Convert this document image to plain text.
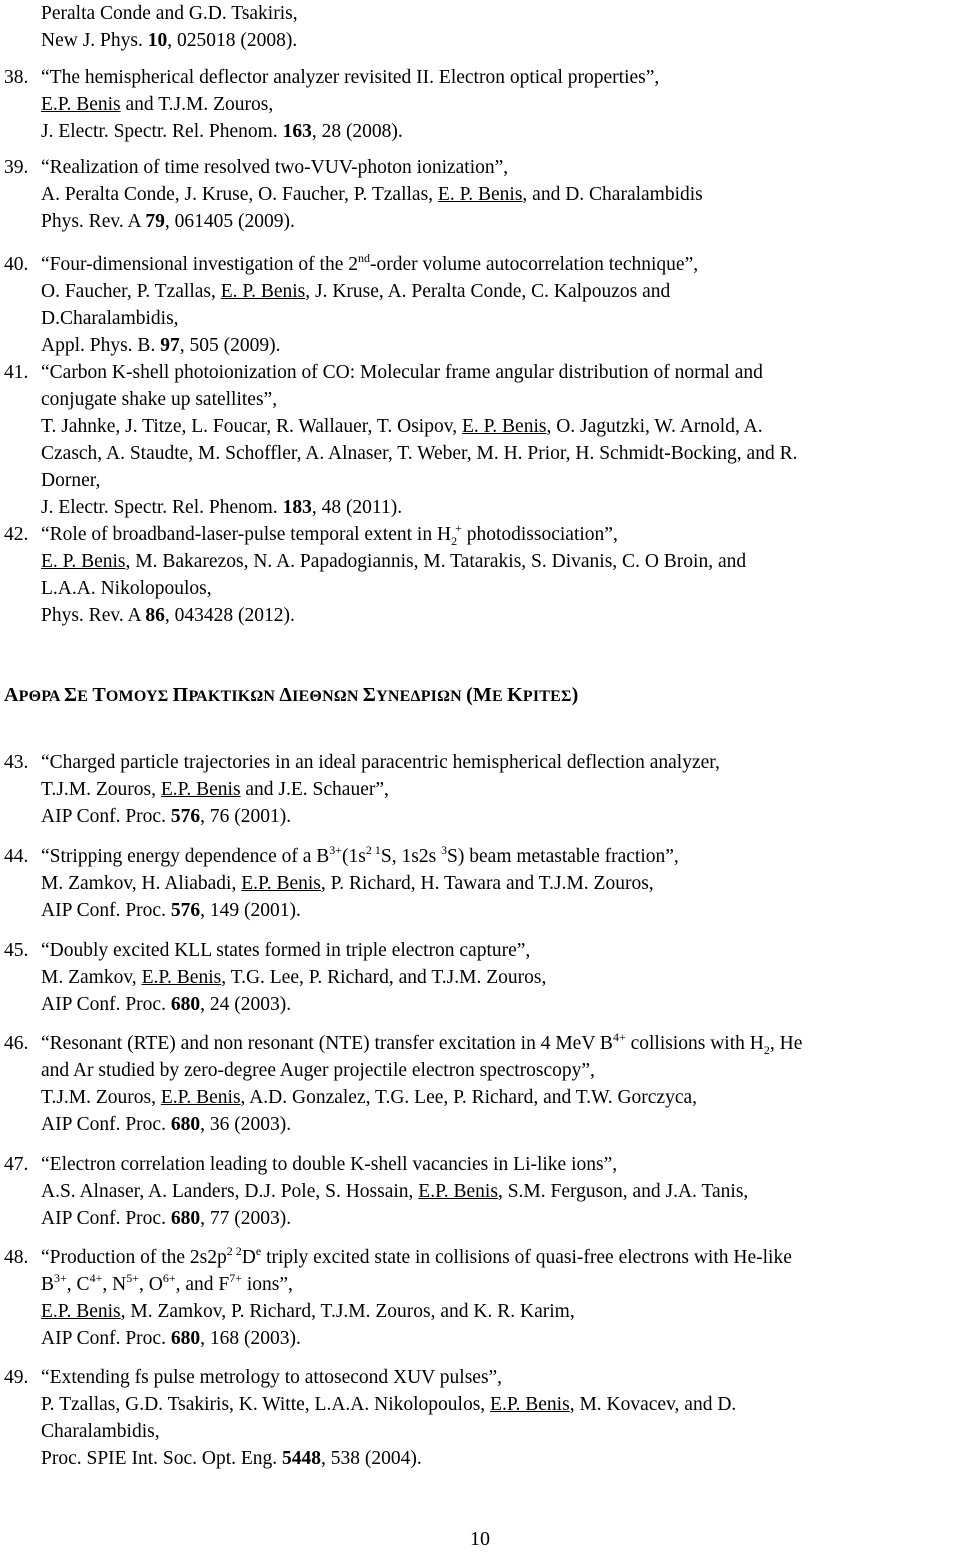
Peralta Conde and G.D. Tsakiris,
New J. Phys. 10, 025018 (2008).
38. “The hemispherical deflector analyzer revisited II. Electron optical properties”,
E.P. Benis and T.J.M. Zouros,
J. Electr. Spectr. Rel. Phenom. 163, 28 (2008).
39. “Realization of time resolved two-VUV-photon ionization”,
A. Peralta Conde, J. Kruse, O. Faucher, P. Tzallas, E. P. Benis, and D. Charalambidis
Phys. Rev. A 79, 061405 (2009).
40. “Four-dimensional investigation of the 2nd-order volume autocorrelation technique”,
O. Faucher, P. Tzallas, E. P. Benis, J. Kruse, A. Peralta Conde, C. Kalpouzos and
D.Charalambidis,
Appl. Phys. B. 97, 505 (2009).
41. “Carbon K-shell photoionization of CO: Molecular frame angular distribution of normal and
conjugate shake up satellites”,
T. Jahnke, J. Titze, L. Foucar, R. Wallauer, T. Osipov, E. P. Benis, O. Jagutzki, W. Arnold, A.
Czasch, A. Staudte, M. Schoffler, A. Alnaser, T. Weber, M. H. Prior, H. Schmidt-Bocking, and R.
Dorner,
J. Electr. Spectr. Rel. Phenom. 183, 48 (2011).
42. “Role of broadband-laser-pulse temporal extent in $H_2^+$ photodissociation”,
E. P. Benis, M. Bakarezos, N. A. Papadogiannis, M. Tatarakis, S. Divanis, C. O Broin, and
L.A.A. Nikolopoulos,
Phys. Rev. A 86, 043428 (2012).
ΑΡΘΡΑ ΣΕ ΤΟΜΟΥΣ ΠΡΑΚΤΙΚΩΝ ΔΙΕΘΝΩΝ ΣΥΝΕΔΡΙΩΝ (ΜΕ ΚΡΙΤΕΣ)
43. “Charged particle trajectories in an ideal paracentric hemispherical deflection analyzer,
T.J.M. Zouros, E.P. Benis and J.E. Schauer”,
AIP Conf. Proc. 576, 76 (2001).
44. “Stripping energy dependence of a $B^{3+}(1s^{2 1}S$, 1s2s $^3$S) beam metastable fraction”,
M. Zamkov, H. Aliabadi, E.P. Benis, P. Richard, H. Tawara and T.J.M. Zouros,
AIP Conf. Proc. 576, 149 (2001).
45. “Doubly excited KLL states formed in triple electron capture”,
M. Zamkov, E.P. Benis, T.G. Lee, P. Richard, and T.J.M. Zouros,
AIP Conf. Proc. 680, 24 (2003).
46. “Resonant (RTE) and non resonant (NTE) transfer excitation in 4 MeV $B^{4+}$ collisions with $H_2$, He
and Ar studied by zero-degree Auger projectile electron spectroscopy”,
T.J.M. Zouros, E.P. Benis, A.D. Gonzalez, T.G. Lee, P. Richard, and T.W. Gorczyca,
AIP Conf. Proc. 680, 36 (2003).
47. “Electron correlation leading to double K-shell vacancies in Li-like ions”,
A.S. Alnaser, A. Landers, D.J. Pole, S. Hossain, E.P. Benis, S.M. Ferguson, and J.A. Tanis,
AIP Conf. Proc. 680, 77 (2003).
48. “Production of the $2s2p^{2 2}De$ triply excited state in collisions of quasi-free electrons with He-like
$B^{3+}$, $C^{4+}$, $N^{5+}$, $O^{6+}$, and $F^{7+}$ ions”,
E.P. Benis, M. Zamkov, P. Richard, T.J.M. Zouros, and K. R. Karim,
AIP Conf. Proc. 680, 168 (2003).
49. “Extending fs pulse metrology to attosecond XUV pulses”,
P. Tzallas, G.D. Tsakiris, K. Witte, L.A.A. Nikolopoulos, E.P. Benis, M. Kovacev, and D.
Charalambidis,
Proc. SPIE Int. Soc. Opt. Eng. 5448, 538 (2004).
10
